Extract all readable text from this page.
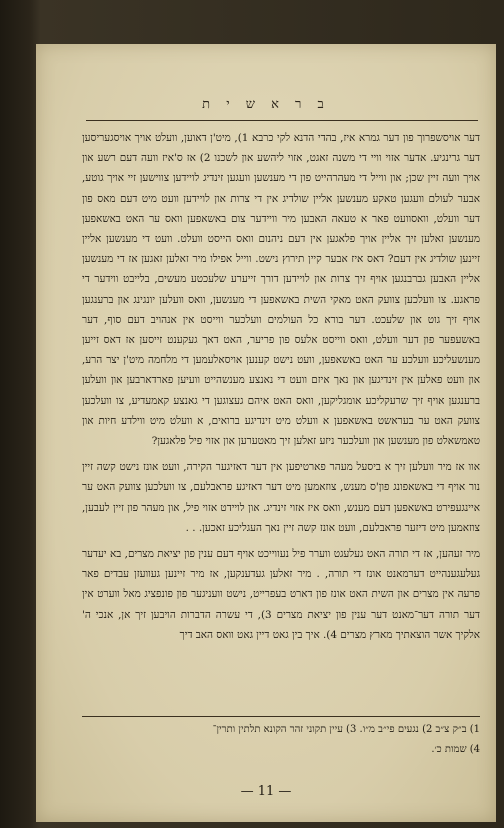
ב ר א ש י ת

דער אויסשפרוך פון דער גמרא איז, בהדי הדנא לקי כרבא 1), מיט'ן דאוען, וועלט אויך אויסגעריסען דער גרינגיע. אדער אזוי וויי די משנה זאגט, אזוי ליהשע און לשכנו 2) אז ס'איז וועה דעם רשע און אויך וועה זיין שכן; און ווייל די מעהרהייט פון די מענשען וועגען זינדיג לויידען צווישען זיי אויך גוטע, אבער לעולם וועגען טאקע מענשען אליין שולדיג אין די צרות און לויידען וועט מיט דעם מאס פון דער וועלט, וואסוועט פאר א טעאה האבען מיר וויידער צום באשאפען וואס ער האט באשאפען מענשען זאלען זיך אליין אויך פלאגען אין דעם ניהנום וואס הייסט וועלט. וועט די מענשען אליין זיינען שולדיג אין דעם? דאס איז אבער קיין תירוץ נישט. ווייל אפילו מיר זאלען זאגען אז די מענשען אליין האבען גברבנגען אויף זיך צרות און לויידען דורך זייערע שלעכטע מעשים, בלייבט ווידער די פראגע. צו וועלכען צוועק האט מאקי השית באשאפען די מענשען, וואס וועלען יונגינג און ברענגען אויף זיך גוט און שלעכט. דער בורא כל העולמים וועלכער ווייסט אין אנהויב דעם סוף, דער באשעפער פון דער וועלט, וואס ווייסט אלעס פון פריער, האט דאך געקענט זייסען אז דאס זייען מענשעליכע וועלכע ער האט באשאפען, וועט נישט קענען אויסאלעמען די מלחמה מיט'ן יצר הרע, און וועט פאלען אין זינדיגען און נאך איזם וועט די נאנצע מענשהייט וועיען פארדארבען און וועלען ברענגען אויף זיך שרעקליכע אומגליקען, וואס האט איהם געצוגען די גאנצע קאמעדיע, צו וועלכען צוועק האט ער בעראשט באשאפען א וועלט מיט זינדיגע ברואים, א וועלט מיט ווילדע חיות און טאמשאלט פון מענשען און וועלכער ניזע זאלען זיך מאטערען און אזוי פיל פלאגען?

אוו אז מיר וועלען זיך א ביסעל מעהר פארטיפען אין דער דאזיגער הקירה, וועט אונז נישט קשה זיין נור אויף די באשאפונג פון'ס מענש, צוזאמען מיט דער דאזיגע פראבלעם, צו וועלכען צוועק האט ער איינגעפירט באשאפען דעם מענש, וואס איז אזוי זינדיג. און לויידט אזוי פיל, און מעהר פון זיין לעבען, צוזאמען מיט דיזער פראבלעם, וועט אונז קשה זיין נאך העגליכע זאכען. . .

מיר זעהען, אז די תורה האט געלעגט ווערר פיל נעווייכט אויף דעם ענין פון יציאת מצרים, בא יעדער געלעגענהייט דערמאנט אונז די תורה, . מיר זאלען געדענקען, אז מיר זיינען געוועזן עבדים פאר פרעה אין מצרים און השית האט אונז פון דארט בעפרייט, נישט וועניגער פון פונפציג מאל ווערט אין דער תורה דער־מאנט דער ענין פון יציאת מצרים 3), די עשרה הדברות הויבען זיך אן, אנכי ה' אלקיך אשר הוצאתיך מארץ מצרים 4). איך בין גאט דיין גאט וואס האב דיך

1) ב״ק צ״ב 2) נגעים פי״ב מ״ו. 3) עיין תקוני זהר הקונא תלתין ותרין־
4) שמות כ׳.
— 11 —
